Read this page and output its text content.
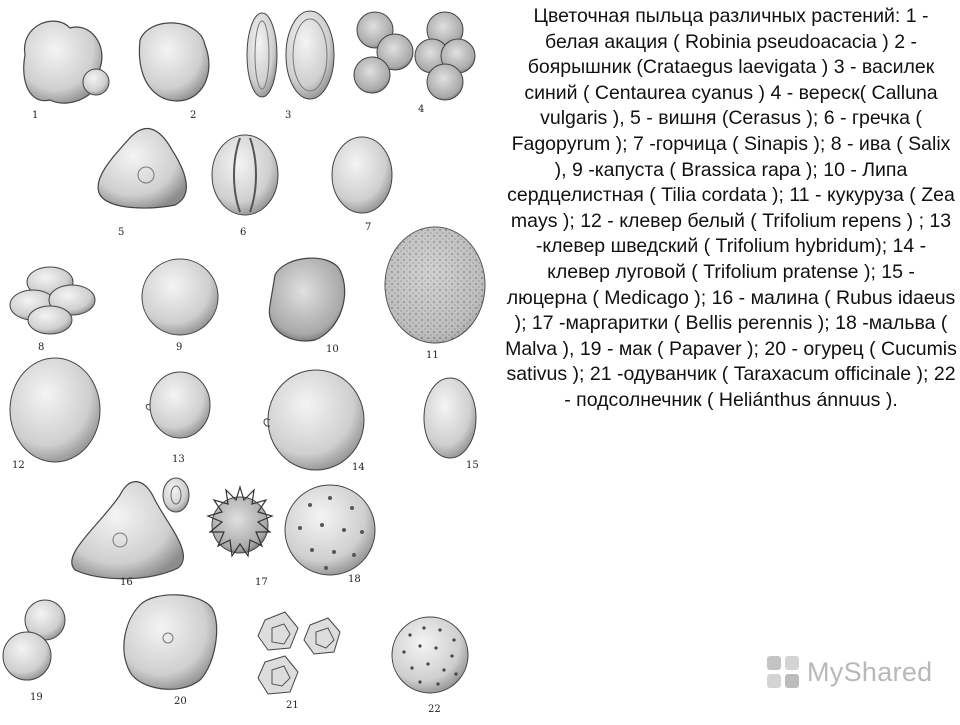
1	2	3
4
5	6	7
8	9	10
11
12
13
14	15
16	17	18
19	20	21	22
Цветочная пыльца различных растений: 1 - белая акация ( Robinia pseudoacacia ) 2 - боярышник (Crataegus laevigata ) 3 - василек синий ( Centaurea cyanus ) 4 - вереск( Calluna vulgaris ), 5 - вишня (Cerasus ); 6 - гречка ( Fagopyrum ); 7 -горчица ( Sinapis ); 8 - ива ( Salix ), 9 -капуста ( Brassica rapa ); 10 - Липа сердцелистная ( Tilia cordata ); 11 - кукуруза ( Zea mays ); 12 - клевер белый ( Trifolium repens ) ; 13 -клевер шведский ( Trifolium hybridum); 14 - клевер луговой ( Trifolium pratense ); 15 - люцерна ( Medicago ); 16 - малина ( Rubus idaeus ); 17 -маргаритки ( Bellis perennis ); 18 -мальва ( Malva ), 19 - мак ( Papaver ); 20 - огурец ( Cucumis sativus ); 21 -одуванчик ( Taraxacum officinale ); 22 - подсолнечник ( Heliánthus ánnuus ).
MyShared
